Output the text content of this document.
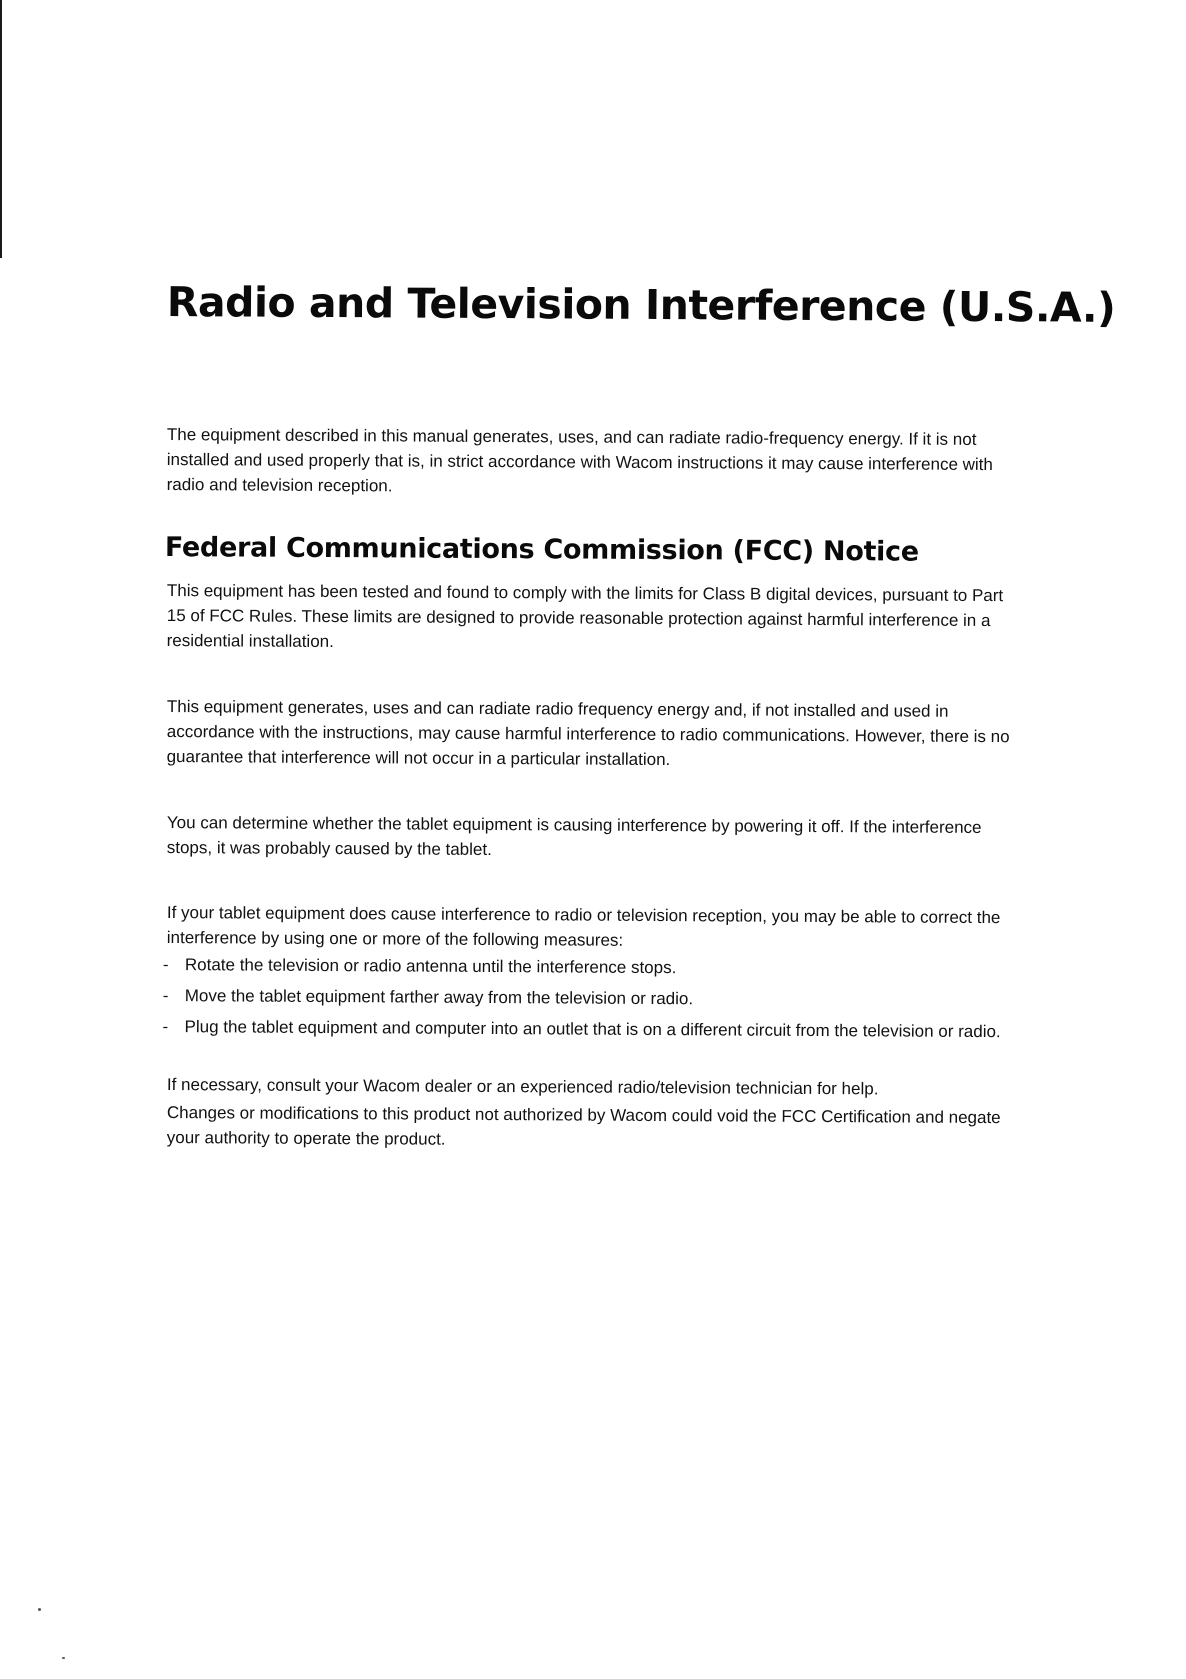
Radio and Television Interference (U.S.A.)

The equipment described in this manual generates, uses, and can radiate radio-frequency energy. If it is not installed and used properly that is, in strict accordance with Wacom instructions it may cause interference with radio and television reception.

Federal Communications Commission (FCC) Notice

This equipment has been tested and found to comply with the limits for Class B digital devices, pursuant to Part 15 of FCC Rules. These limits are designed to provide reasonable protection against harmful interference in a residential installation.

This equipment generates, uses and can radiate radio frequency energy and, if not installed and used in accordance with the instructions, may cause harmful interference to radio communications. However, there is no guarantee that interference will not occur in a particular installation.

You can determine whether the tablet equipment is causing interference by powering it off. If the interference stops, it was probably caused by the tablet.

If your tablet equipment does cause interference to radio or television reception, you may be able to correct the interference by using one or more of the following measures:

- Rotate the television or radio antenna until the interference stops.
- Move the tablet equipment farther away from the television or radio.
- Plug the tablet equipment and computer into an outlet that is on a different circuit from the television or radio.

If necessary, consult your Wacom dealer or an experienced radio/television technician for help.

Changes or modifications to this product not authorized by Wacom could void the FCC Certification and negate your authority to operate the product.
